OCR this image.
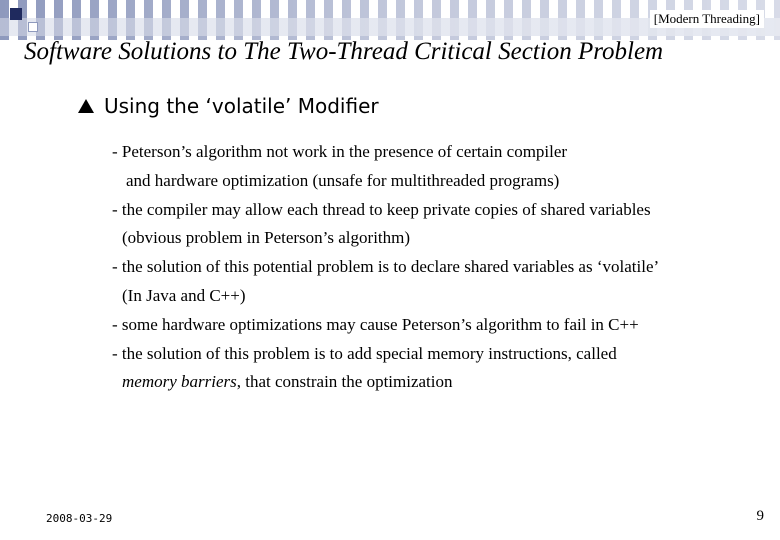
[Modern Threading]
Software Solutions to The Two-Thread Critical Section Problem
Using the ‘volatile’ Modifier
- Peterson’s algorithm not work in the presence of certain compiler
and hardware optimization (unsafe for multithreaded programs)
- the compiler may allow each thread to keep private copies of shared variables
(obvious problem in Peterson’s algorithm)
- the solution of this potential problem is to declare shared variables as ‘volatile’
(In Java and C++)
- some hardware optimizations may cause Peterson’s algorithm to fail in C++
- the solution of this problem is to add special memory instructions, called
memory barriers, that constrain the optimization
2008-03-29	9
